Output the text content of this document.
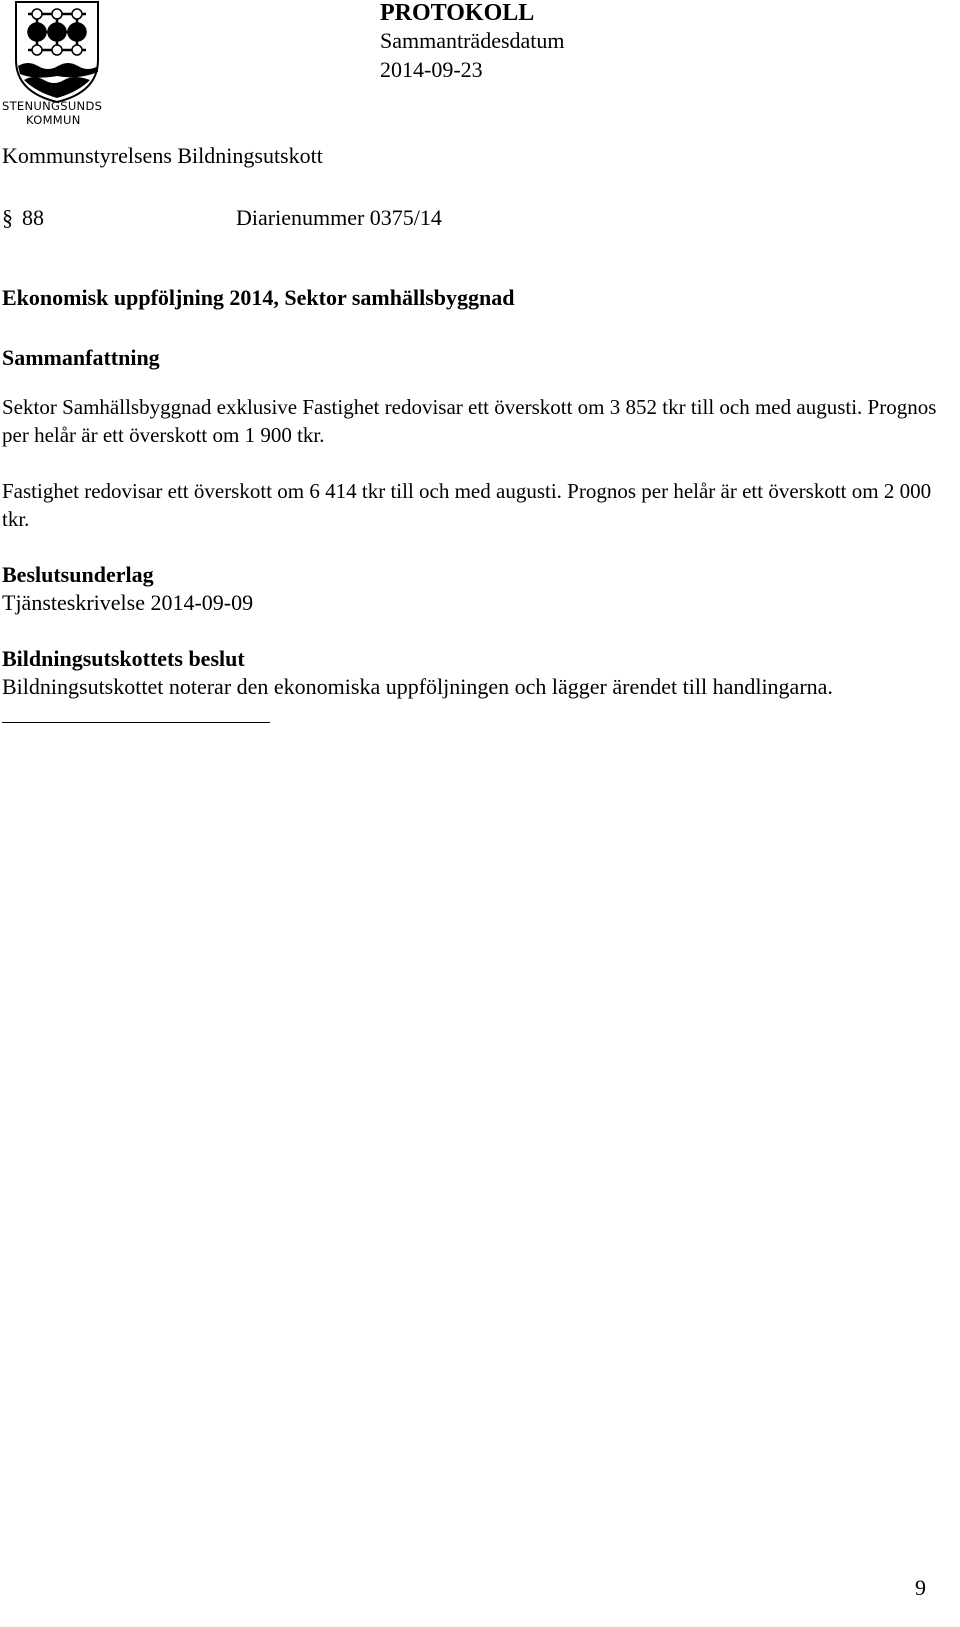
STENUNGSUNDS
KOMMUN
PROTOKOLL
Sammanträdesdatum
2014-09-23
Kommunstyrelsens Bildningsutskott
§ 88	Diarienummer 0375/14
Ekonomisk uppföljning 2014, Sektor samhällsbyggnad
Sammanfattning
Sektor Samhällsbyggnad exklusive Fastighet redovisar ett överskott om 3 852 tkr till och med augusti. Prognos per helår är ett överskott om 1 900 tkr.
Fastighet redovisar ett överskott om 6 414 tkr till och med augusti. Prognos per helår är ett överskott om 2 000 tkr.
Beslutsunderlag
Tjänsteskrivelse 2014-09-09
Bildningsutskottets beslut
Bildningsutskottet noterar den ekonomiska uppföljningen och lägger ärendet till handlingarna.
9
